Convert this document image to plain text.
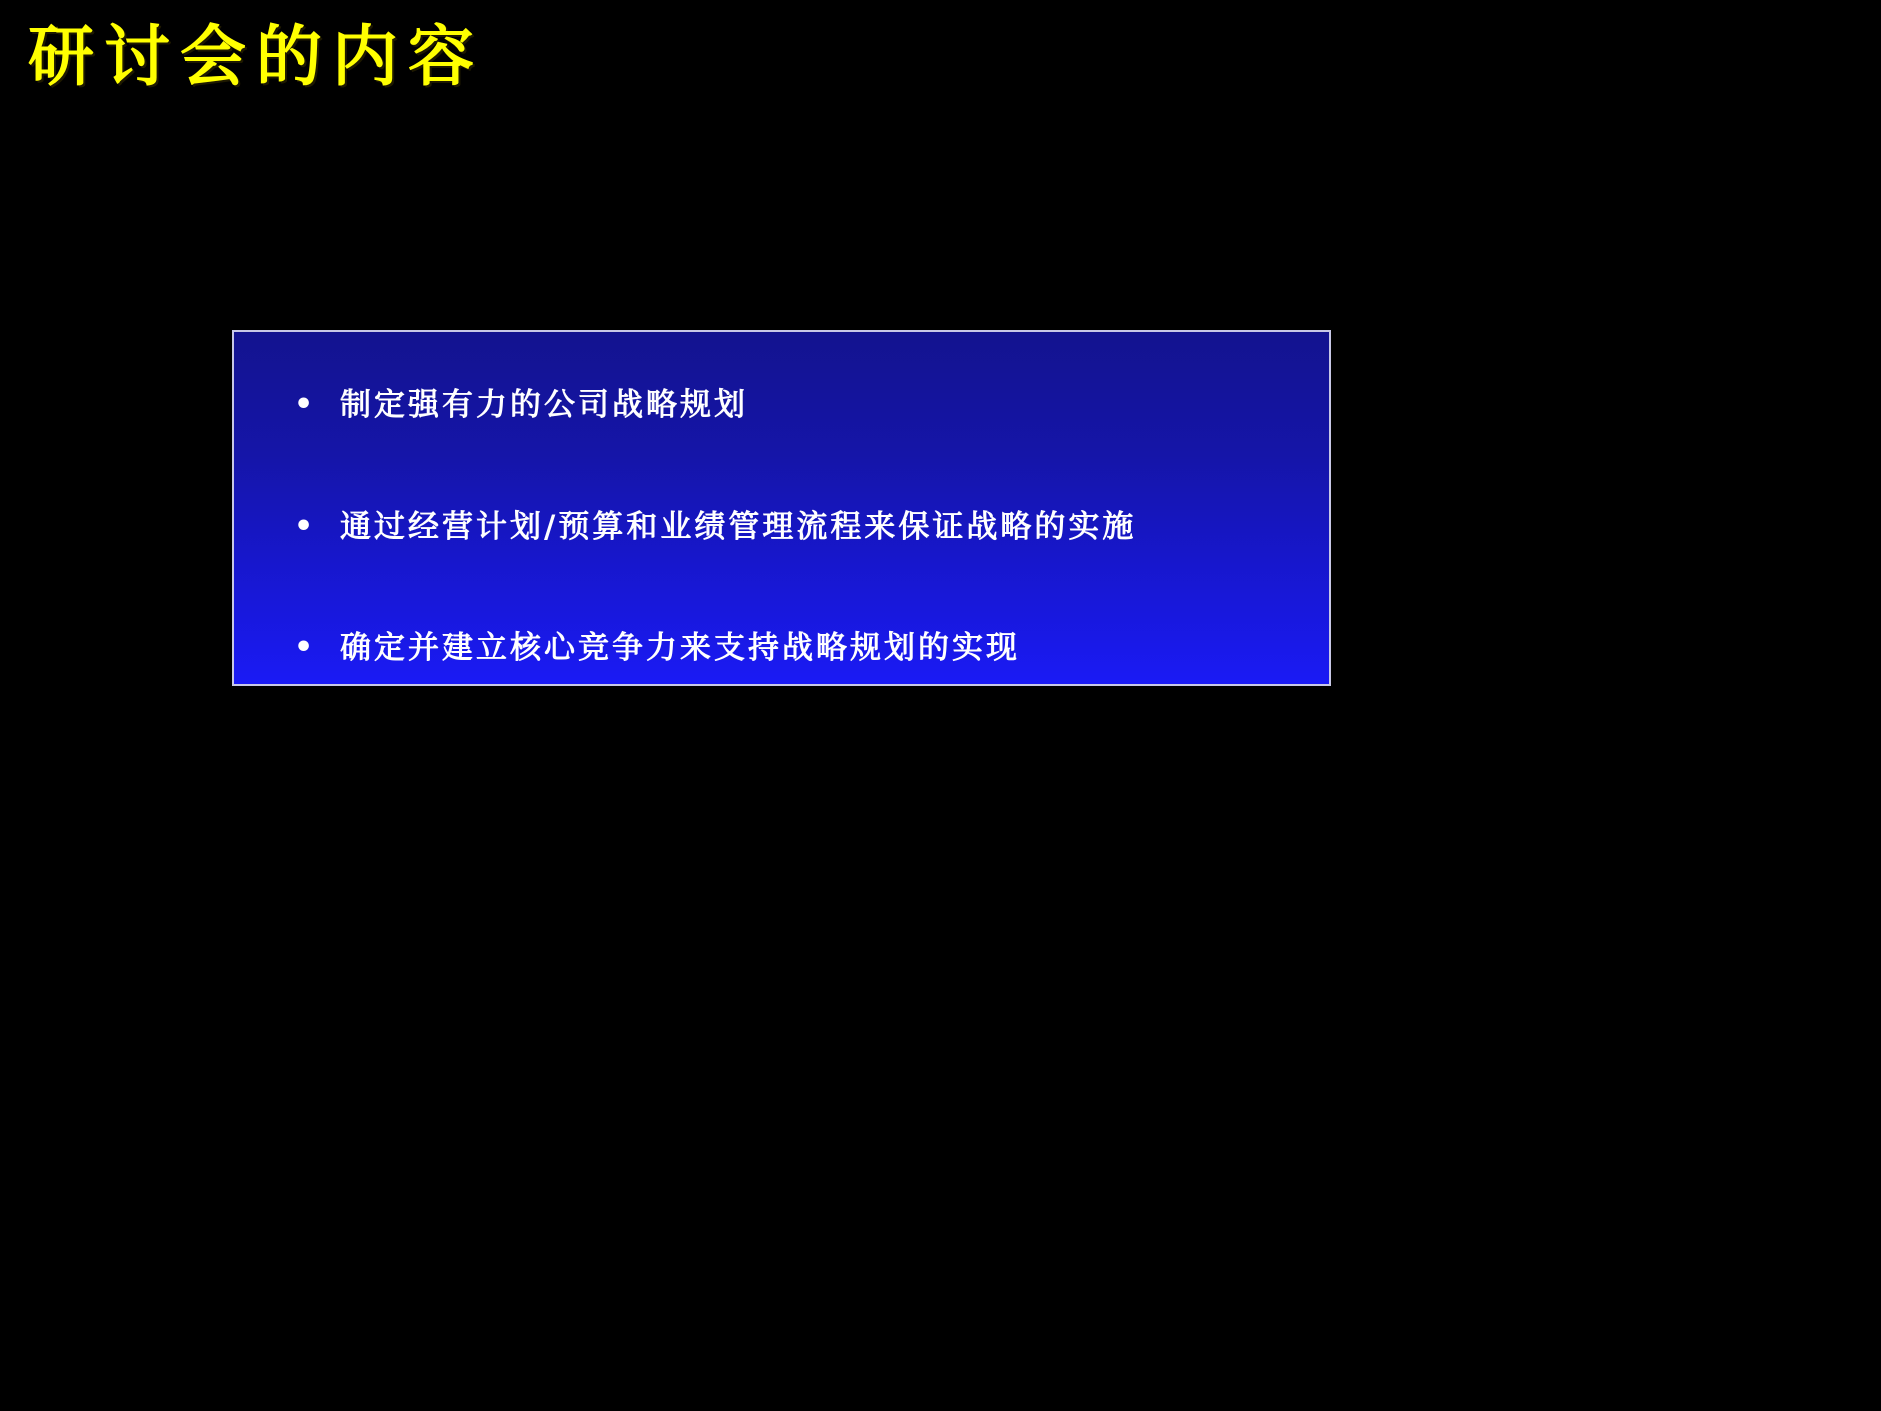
研讨会的内容
• 制定强有力的公司战略规划
• 通过经营计划/预算和业绩管理流程来保证战略的实施
• 确定并建立核心竞争力来支持战略规划的实现
